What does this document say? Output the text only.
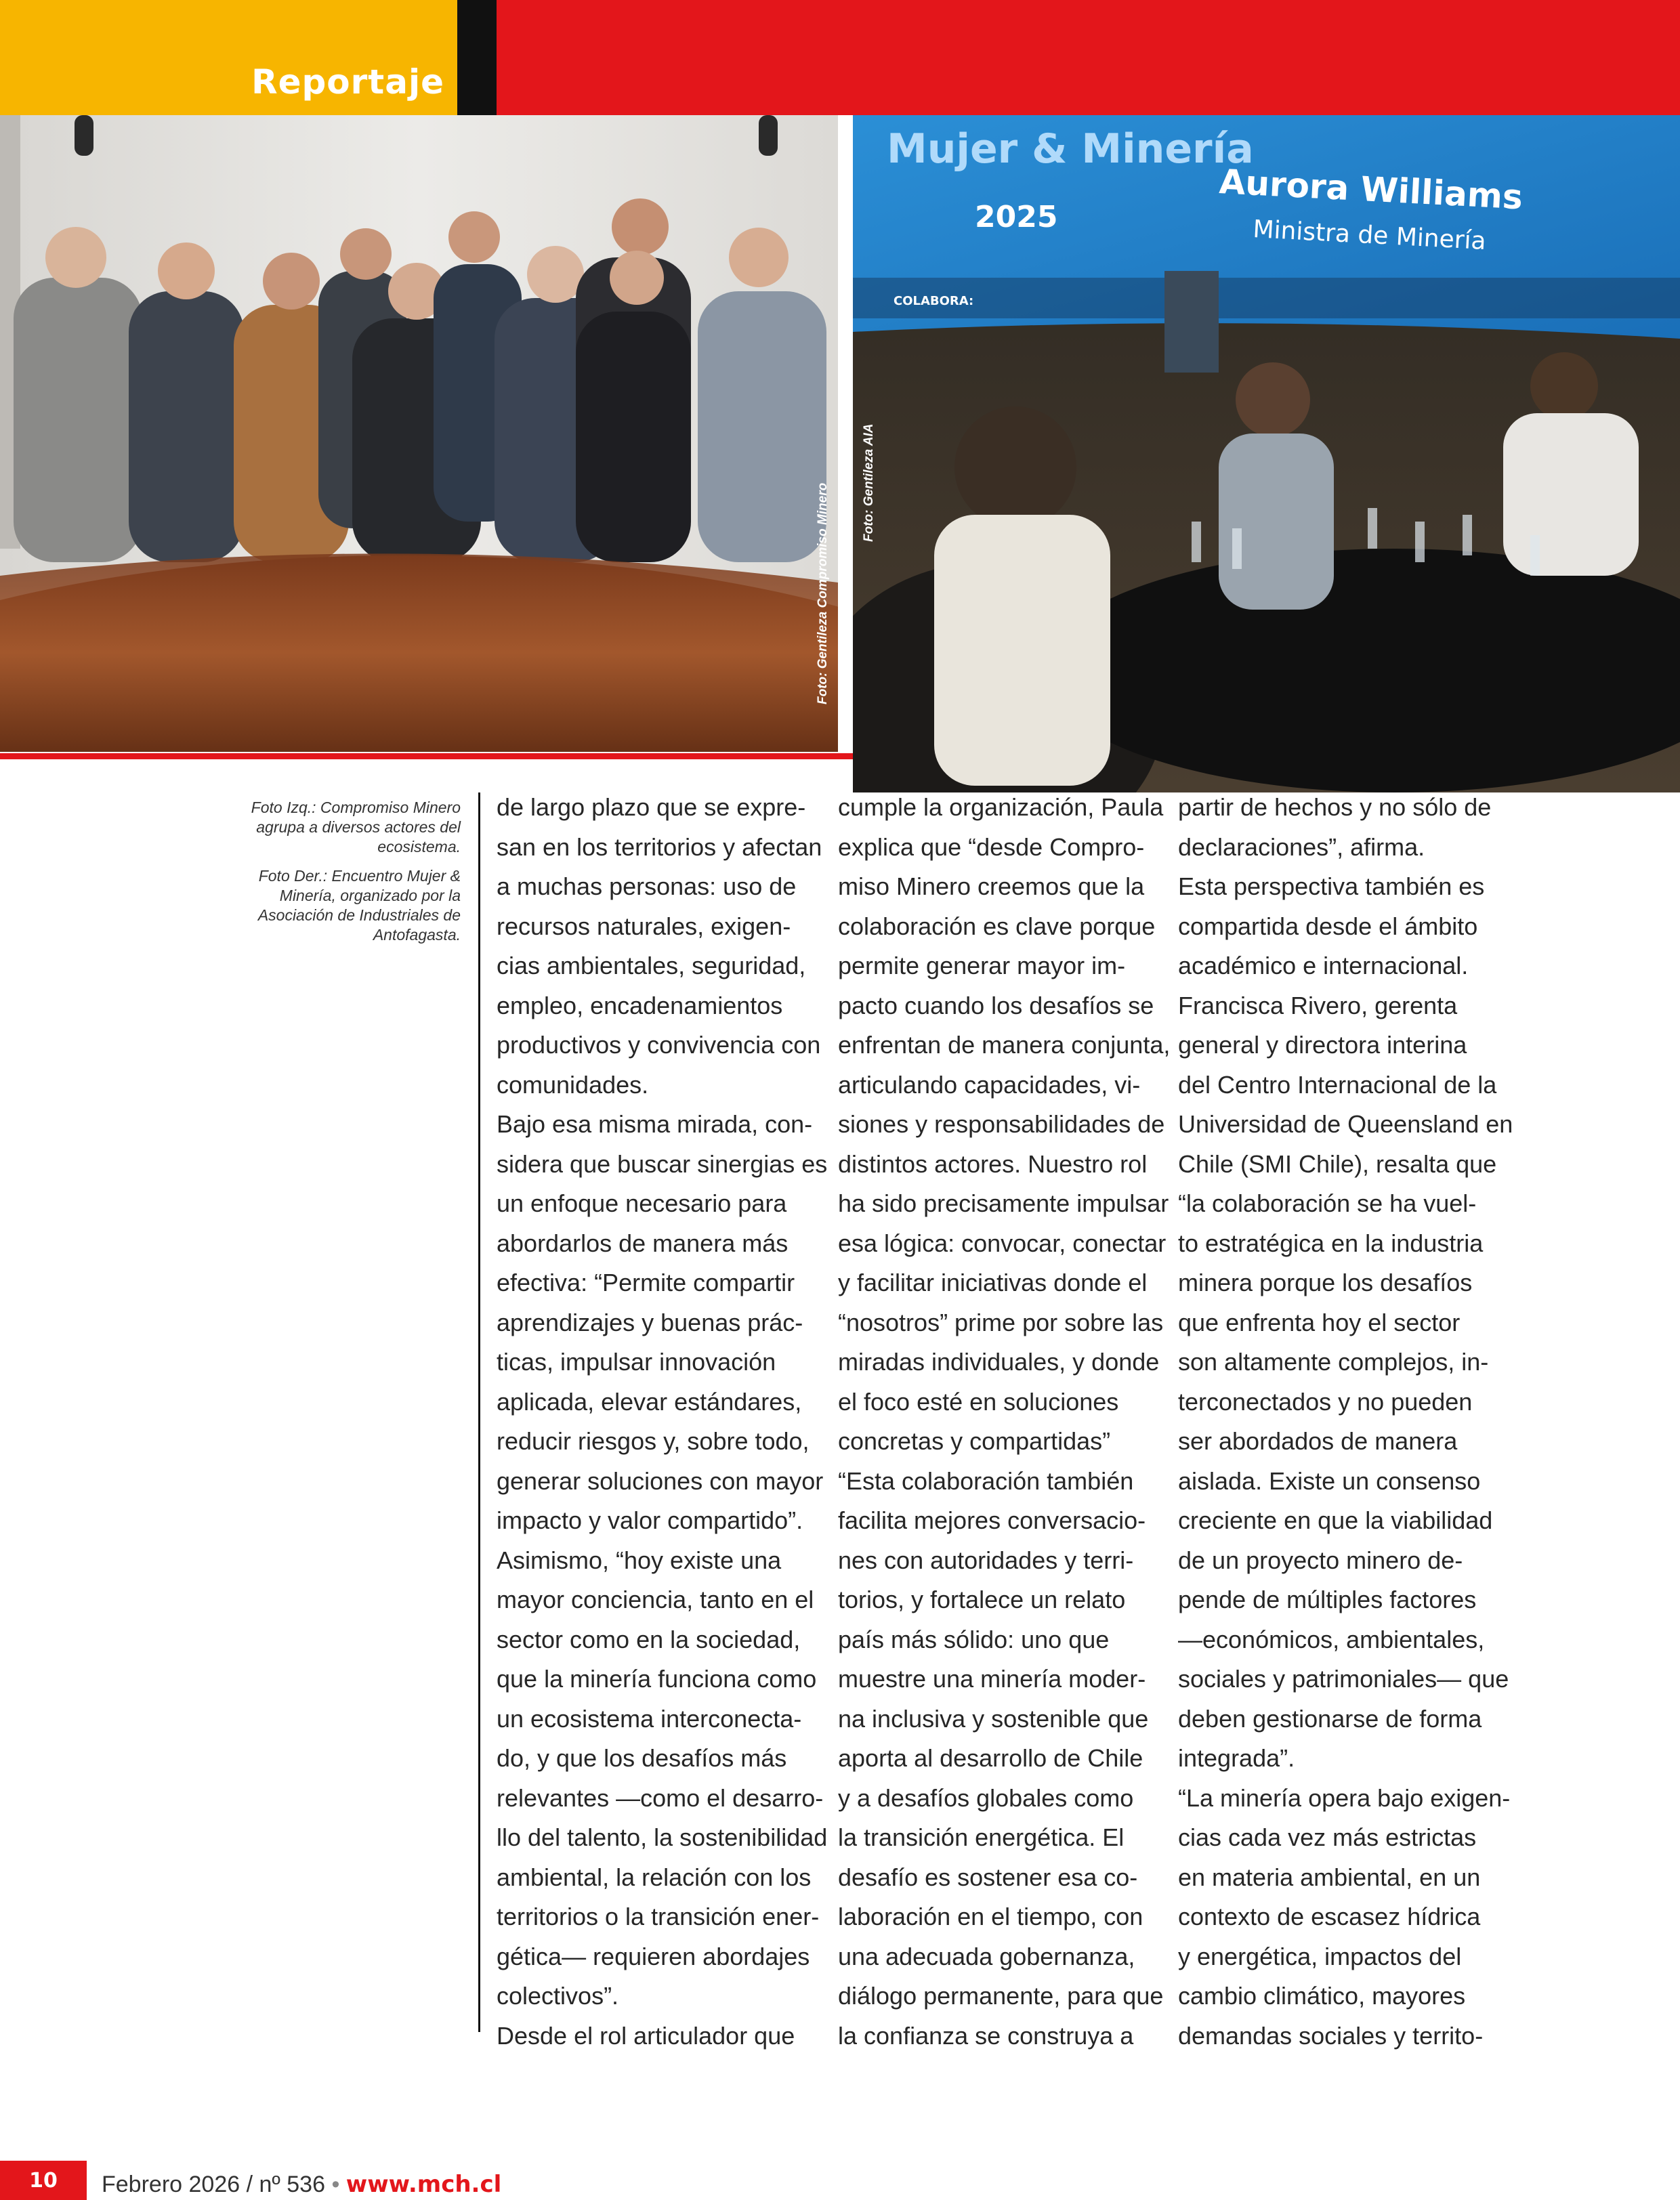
Reportaje
Foto: Gentileza Compromiso Minero
Mujer & Minería
2025
Aurora Williams
Ministra de Minería
COLABORA:
Foto: Gentileza AIA

Foto Izq.: Compromiso Minero agrupa a diversos actores del ecosistema.

Foto Der.: Encuentro Mujer & Minería, organizado por la Asociación de Industriales de Antofagasta.

de largo plazo que se expre-
san en los territorios y afectan
a muchas personas: uso de
recursos naturales, exigen-
cias ambientales, seguridad,
empleo, encadenamientos
productivos y convivencia con
comunidades.
Bajo esa misma mirada, con-
sidera que buscar sinergias es
un enfoque necesario para
abordarlos de manera más
efectiva: “Permite compartir
aprendizajes y buenas prác-
ticas, impulsar innovación
aplicada, elevar estándares,
reducir riesgos y, sobre todo,
generar soluciones con mayor
impacto y valor compartido”.
Asimismo, “hoy existe una
mayor conciencia, tanto en el
sector como en la sociedad,
que la minería funciona como
un ecosistema interconecta-
do, y que los desafíos más
relevantes —como el desarro-
llo del talento, la sostenibilidad
ambiental, la relación con los
territorios o la transición ener-
gética— requieren abordajes
colectivos”.
Desde el rol articulador que
cumple la organización, Paula
explica que “desde Compro-
miso Minero creemos que la
colaboración es clave porque
permite generar mayor im-
pacto cuando los desafíos se
enfrentan de manera conjunta,
articulando capacidades, vi-
siones y responsabilidades de
distintos actores. Nuestro rol
ha sido precisamente impulsar
esa lógica: convocar, conectar
y facilitar iniciativas donde el
“nosotros” prime por sobre las
miradas individuales, y donde
el foco esté en soluciones
concretas y compartidas”
“Esta colaboración también
facilita mejores conversacio-
nes con autoridades y terri-
torios, y fortalece un relato
país más sólido: uno que
muestre una minería moder-
na inclusiva y sostenible que
aporta al desarrollo de Chile
y a desafíos globales como
la transición energética. El
desafío es sostener esa co-
laboración en el tiempo, con
una adecuada gobernanza,
diálogo permanente, para que
la confianza se construya a
partir de hechos y no sólo de
declaraciones”, afirma.
Esta perspectiva también es
compartida desde el ámbito
académico e internacional.
Francisca Rivero, gerenta
general y directora interina
del Centro Internacional de la
Universidad de Queensland en
Chile (SMI Chile), resalta que
“la colaboración se ha vuel-
to estratégica en la industria
minera porque los desafíos
que enfrenta hoy el sector
son altamente complejos, in-
terconectados y no pueden
ser abordados de manera
aislada. Existe un consenso
creciente en que la viabilidad
de un proyecto minero de-
pende de múltiples factores
—económicos, ambientales,
sociales y patrimoniales— que
deben gestionarse de forma
integrada”.
“La minería opera bajo exigen-
cias cada vez más estrictas
en materia ambiental, en un
contexto de escasez hídrica
y energética, impactos del
cambio climático, mayores
demandas sociales y territo-
10	Febrero 2026 / nº 536 • www.mch.cl
